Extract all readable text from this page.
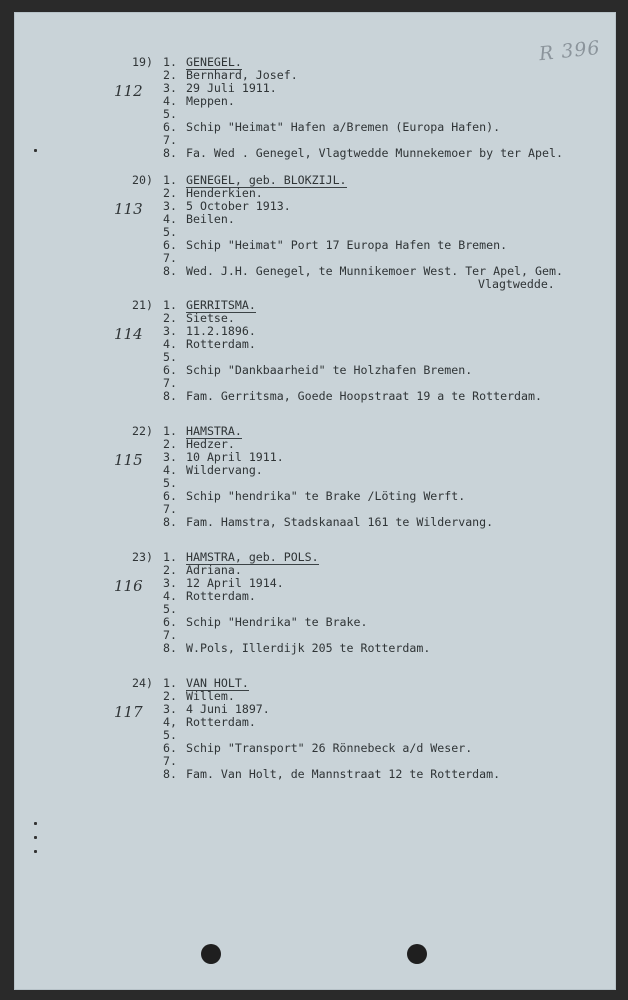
R 396
19)
112
1. GENEGEL.
2. Bernhard, Josef.
3. 29 Juli 1911.
4. Meppen.
5.
6. Schip "Heimat" Hafen a/Bremen (Europa Hafen).
7.
8. Fa. Wed . Genegel, Vlagtwedde Munnekemoer by ter Apel.
20)
113
1. GENEGEL, geb. BLOKZIJL.
2. Henderkien.
3. 5 October 1913.
4. Beilen.
5.
6. Schip "Heimat" Port 17 Europa Hafen te Bremen.
7.
8. Wed. J.H. Genegel, te Munnikemoer West. Ter Apel, Gem.
Vlagtwedde.
21)
114
1. GERRITSMA.
2. Sietse.
3. 11.2.1896.
4. Rotterdam.
5.
6. Schip "Dankbaarheid" te Holzhafen Bremen.
7.
8. Fam. Gerritsma, Goede Hoopstraat 19 a te Rotterdam.
22)
115
1. HAMSTRA.
2. Hedzer.
3. 10 April 1911.
4. Wildervang.
5.
6. Schip "hendrika" te Brake /Löting Werft.
7.
8. Fam. Hamstra, Stadskanaal 161 te Wildervang.
23)
116
1. HAMSTRA, geb. POLS.
2. Adriana.
3. 12 April 1914.
4. Rotterdam.
5.
6. Schip "Hendrika" te Brake.
7.
8. W.Pols, Illerdijk 205 te Rotterdam.
24)
117
1. VAN HOLT.
2. Willem.
3. 4 Juni 1897.
4, Rotterdam.
5.
6. Schip "Transport" 26 Rönnebeck a/d Weser.
7.
8. Fam. Van Holt, de Mannstraat 12 te Rotterdam.
